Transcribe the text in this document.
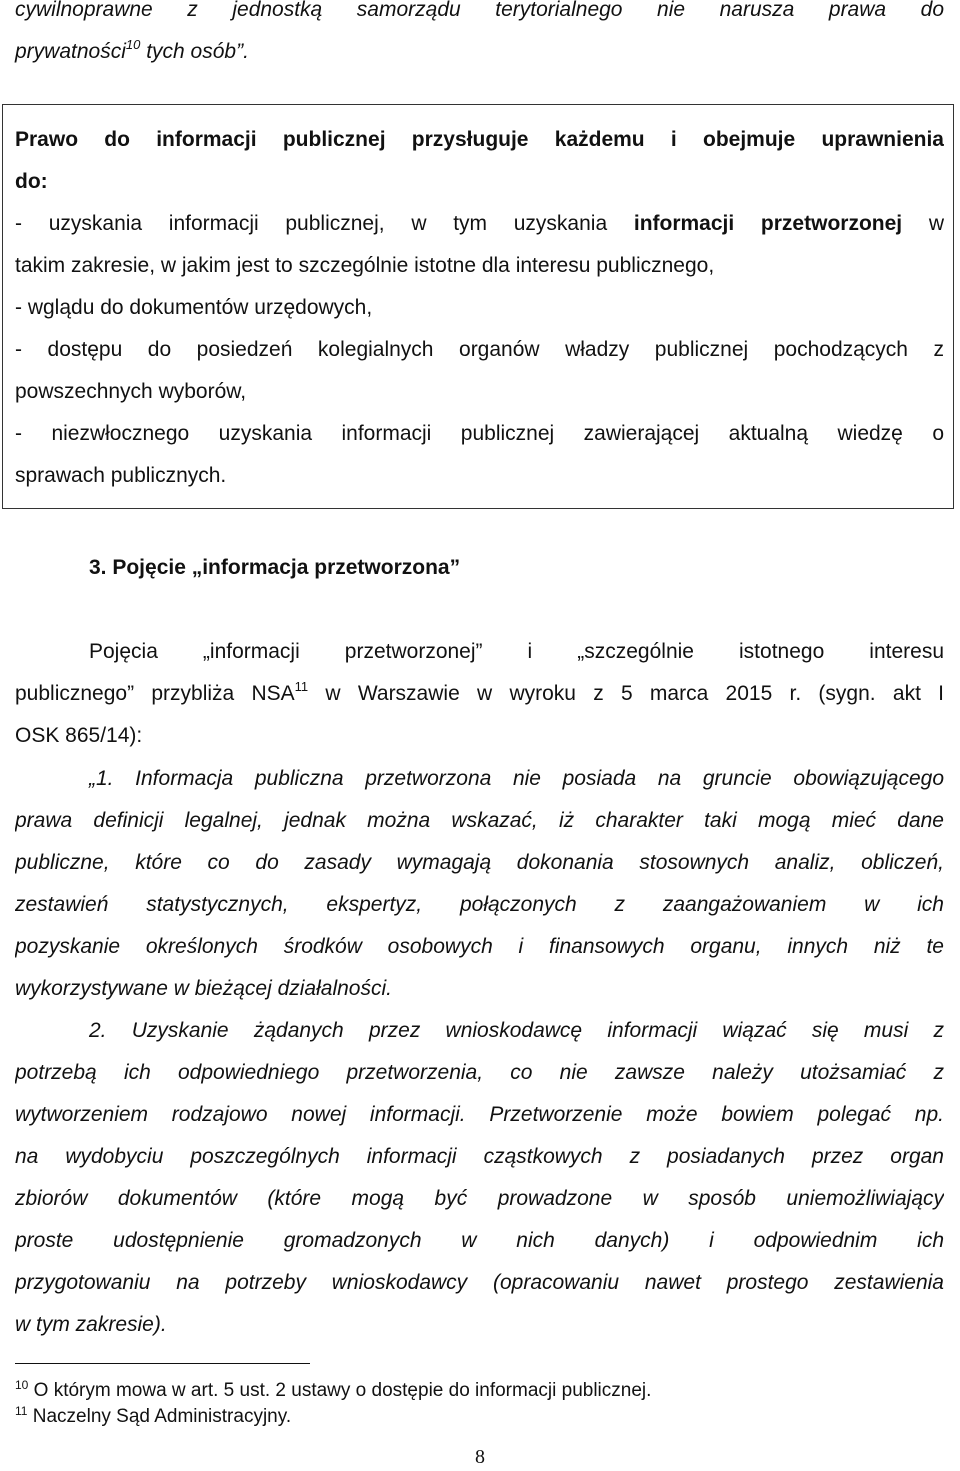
cywilnoprawne z jednostką samorządu terytorialnego nie narusza prawa do
prywatności$^{10}$ tych osób”.
Prawo do informacji publicznej przysługuje każdemu i obejmuje uprawnienia
do:
- uzyskania informacji publicznej, w tym uzyskania informacji przetworzonej w
takim zakresie, w jakim jest to szczególnie istotne dla interesu publicznego,
- wglądu do dokumentów urzędowych,
- dostępu do posiedzeń kolegialnych organów władzy publicznej pochodzących z
powszechnych wyborów,
- niezwłocznego uzyskania informacji publicznej zawierającej aktualną wiedzę o
sprawach publicznych.
3. Pojęcie „informacja przetworzona”
Pojęcia „informacji przetworzonej” i „szczególnie istotnego interesu
publicznego” przybliża NSA$^{11}$ w Warszawie w wyroku z 5 marca 2015 r. (sygn. akt I
OSK 865/14):
„1. Informacja publiczna przetworzona nie posiada na gruncie obowiązującego
prawa definicji legalnej, jednak można wskazać, iż charakter taki mogą mieć dane
publiczne, które co do zasady wymagają dokonania stosownych analiz, obliczeń,
zestawień statystycznych, ekspertyz, połączonych z zaangażowaniem w ich
pozyskanie określonych środków osobowych i finansowych organu, innych niż te
wykorzystywane w bieżącej działalności.
2. Uzyskanie żądanych przez wnioskodawcę informacji wiązać się musi z
potrzebą ich odpowiedniego przetworzenia, co nie zawsze należy utożsamiać z
wytworzeniem rodzajowo nowej informacji. Przetworzenie może bowiem polegać np.
na wydobyciu poszczególnych informacji cząstkowych z posiadanych przez organ
zbiorów dokumentów (które mogą być prowadzone w sposób uniemożliwiający
proste udostępnienie gromadzonych w nich danych) i odpowiednim ich
przygotowaniu na potrzeby wnioskodawcy (opracowaniu nawet prostego zestawienia
w tym zakresie).
$^{10}$ O którym mowa w art. 5 ust. 2 ustawy o dostępie do informacji publicznej.
$^{11}$ Naczelny Sąd Administracyjny.
8
